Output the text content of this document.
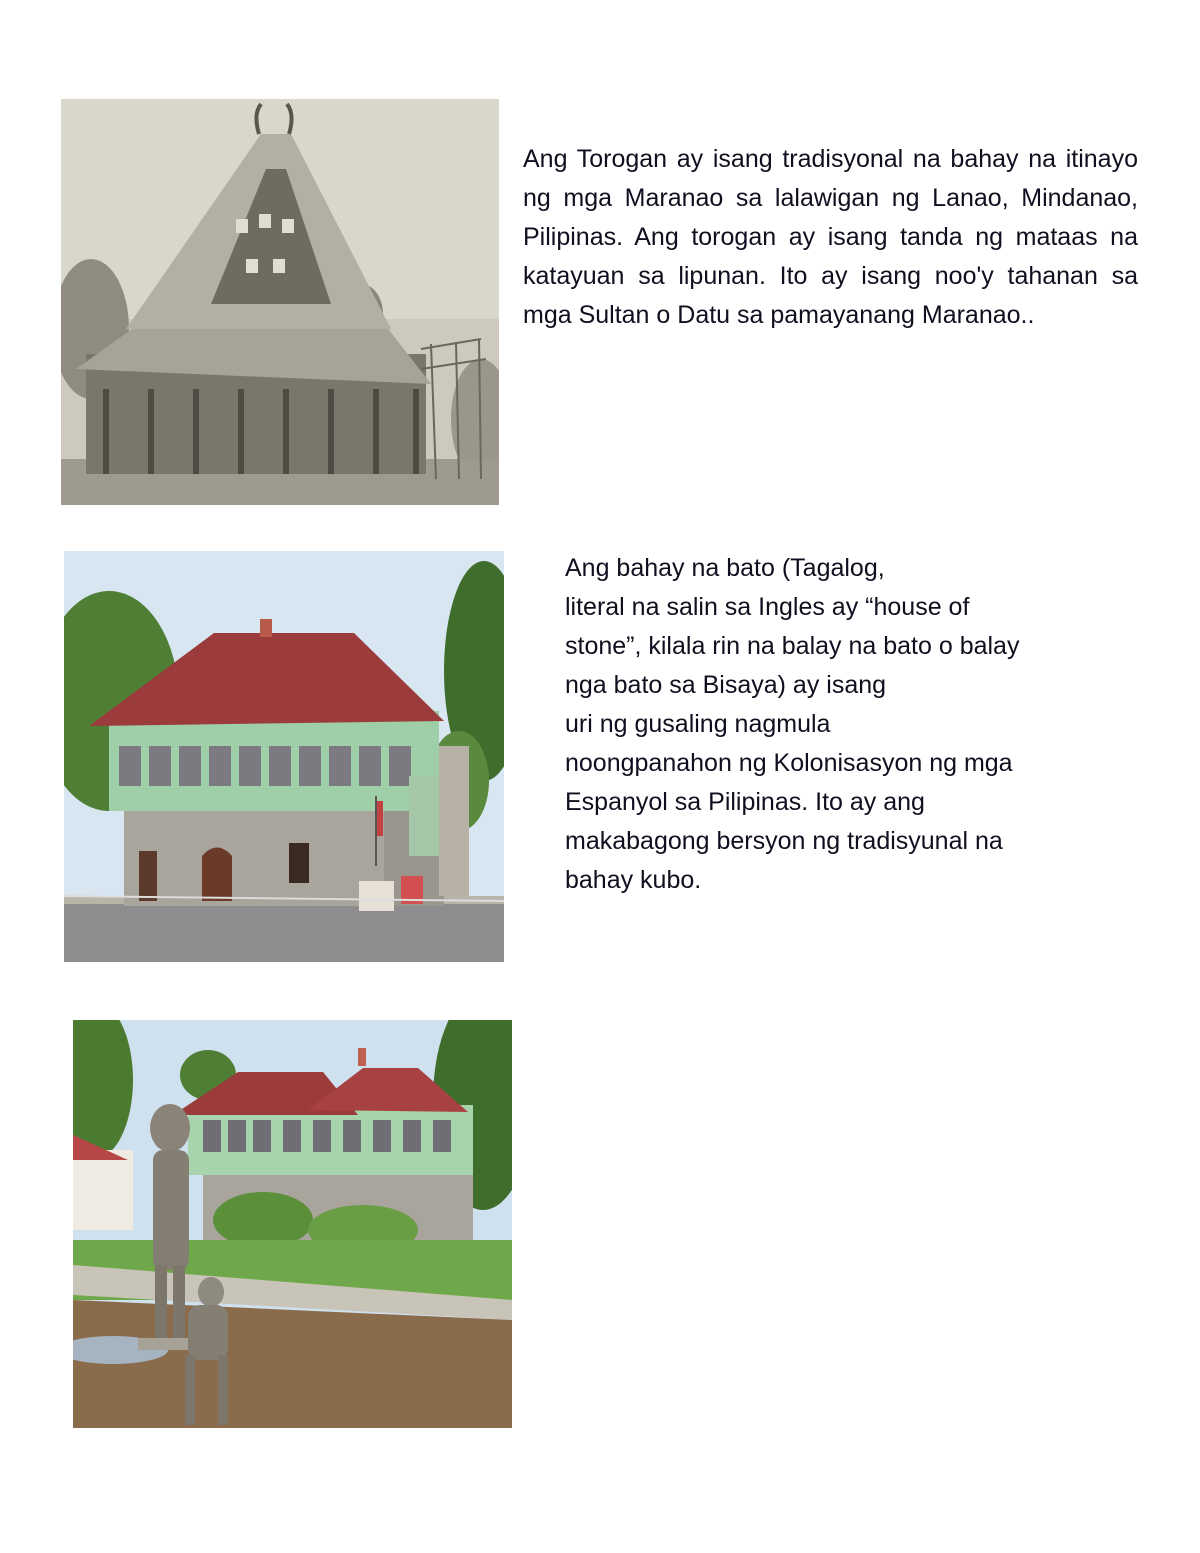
Ang Torogan ay isang tradisyonal na bahay na itinayo ng mga Maranao sa lalawigan ng Lanao, Mindanao, Pilipinas. Ang torogan ay isang tanda ng mataas na katayuan sa lipunan. Ito ay isang noo'y tahanan sa mga Sultan o Datu sa pamayanang Maranao..
Ang bahay na bato (Tagalog,
literal na salin sa Ingles ay “house of
stone”, kilala rin na balay na bato o balay
nga bato sa Bisaya) ay isang
uri ng gusaling nagmula
noongpanahon ng Kolonisasyon ng mga
Espanyol sa Pilipinas. Ito ay ang
makabagong bersyon ng tradisyunal na
bahay kubo.
